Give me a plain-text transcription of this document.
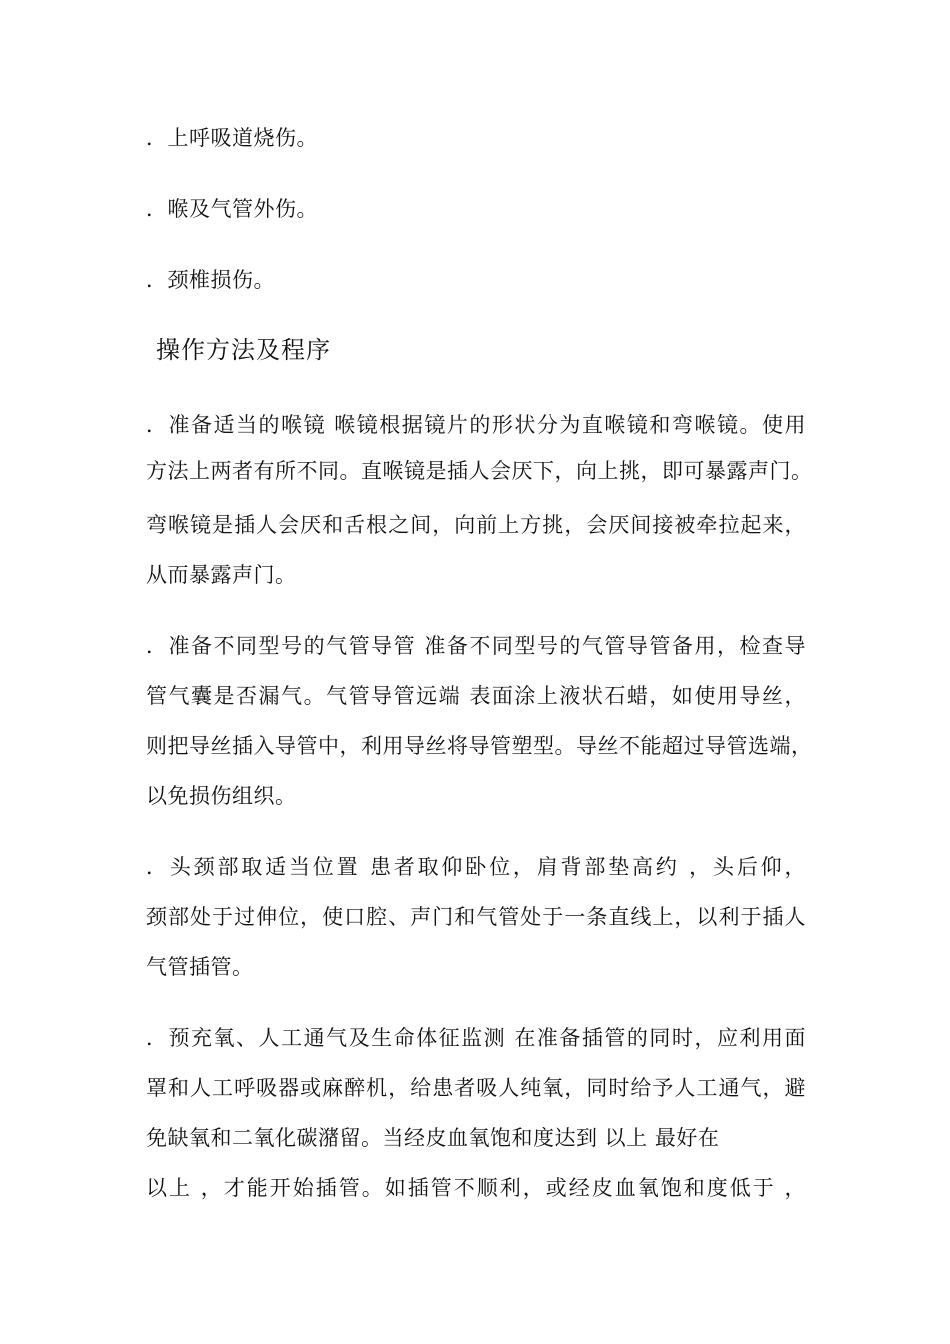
．上呼吸道烧伤。
．喉及气管外伤。
．颈椎损伤。
操作方法及程序
．准备适当的喉镜 喉镜根据镜片的形状分为直喉镜和弯喉镜。使用
方法上两者有所不同。直喉镜是插人会厌下，向上挑，即可暴露声门。
弯喉镜是插人会厌和舌根之间，向前上方挑，会厌间接被牵拉起来，
从而暴露声门。
．准备不同型号的气管导管 准备不同型号的气管导管备用，检查导
管气囊是否漏气。气管导管远端 表面涂上液状石蜡，如使用导丝，
则把导丝插入导管中，利用导丝将导管塑型。导丝不能超过导管选端，
以免损伤组织。
．头颈部取适当位置 患者取仰卧位，肩背部垫高约 ，头后仰，
颈部处于过伸位，使口腔、声门和气管处于一条直线上，以利于插人
气管插管。
．预充氧、人工通气及生命体征监测 在准备插管的同时，应利用面
罩和人工呼吸器或麻醉机，给患者吸人纯氧，同时给予人工通气，避
免缺氧和二氧化碳潴留。当经皮血氧饱和度达到 以上 最好在
以上 ，才能开始插管。如插管不顺利，或经皮血氧饱和度低于 ，
